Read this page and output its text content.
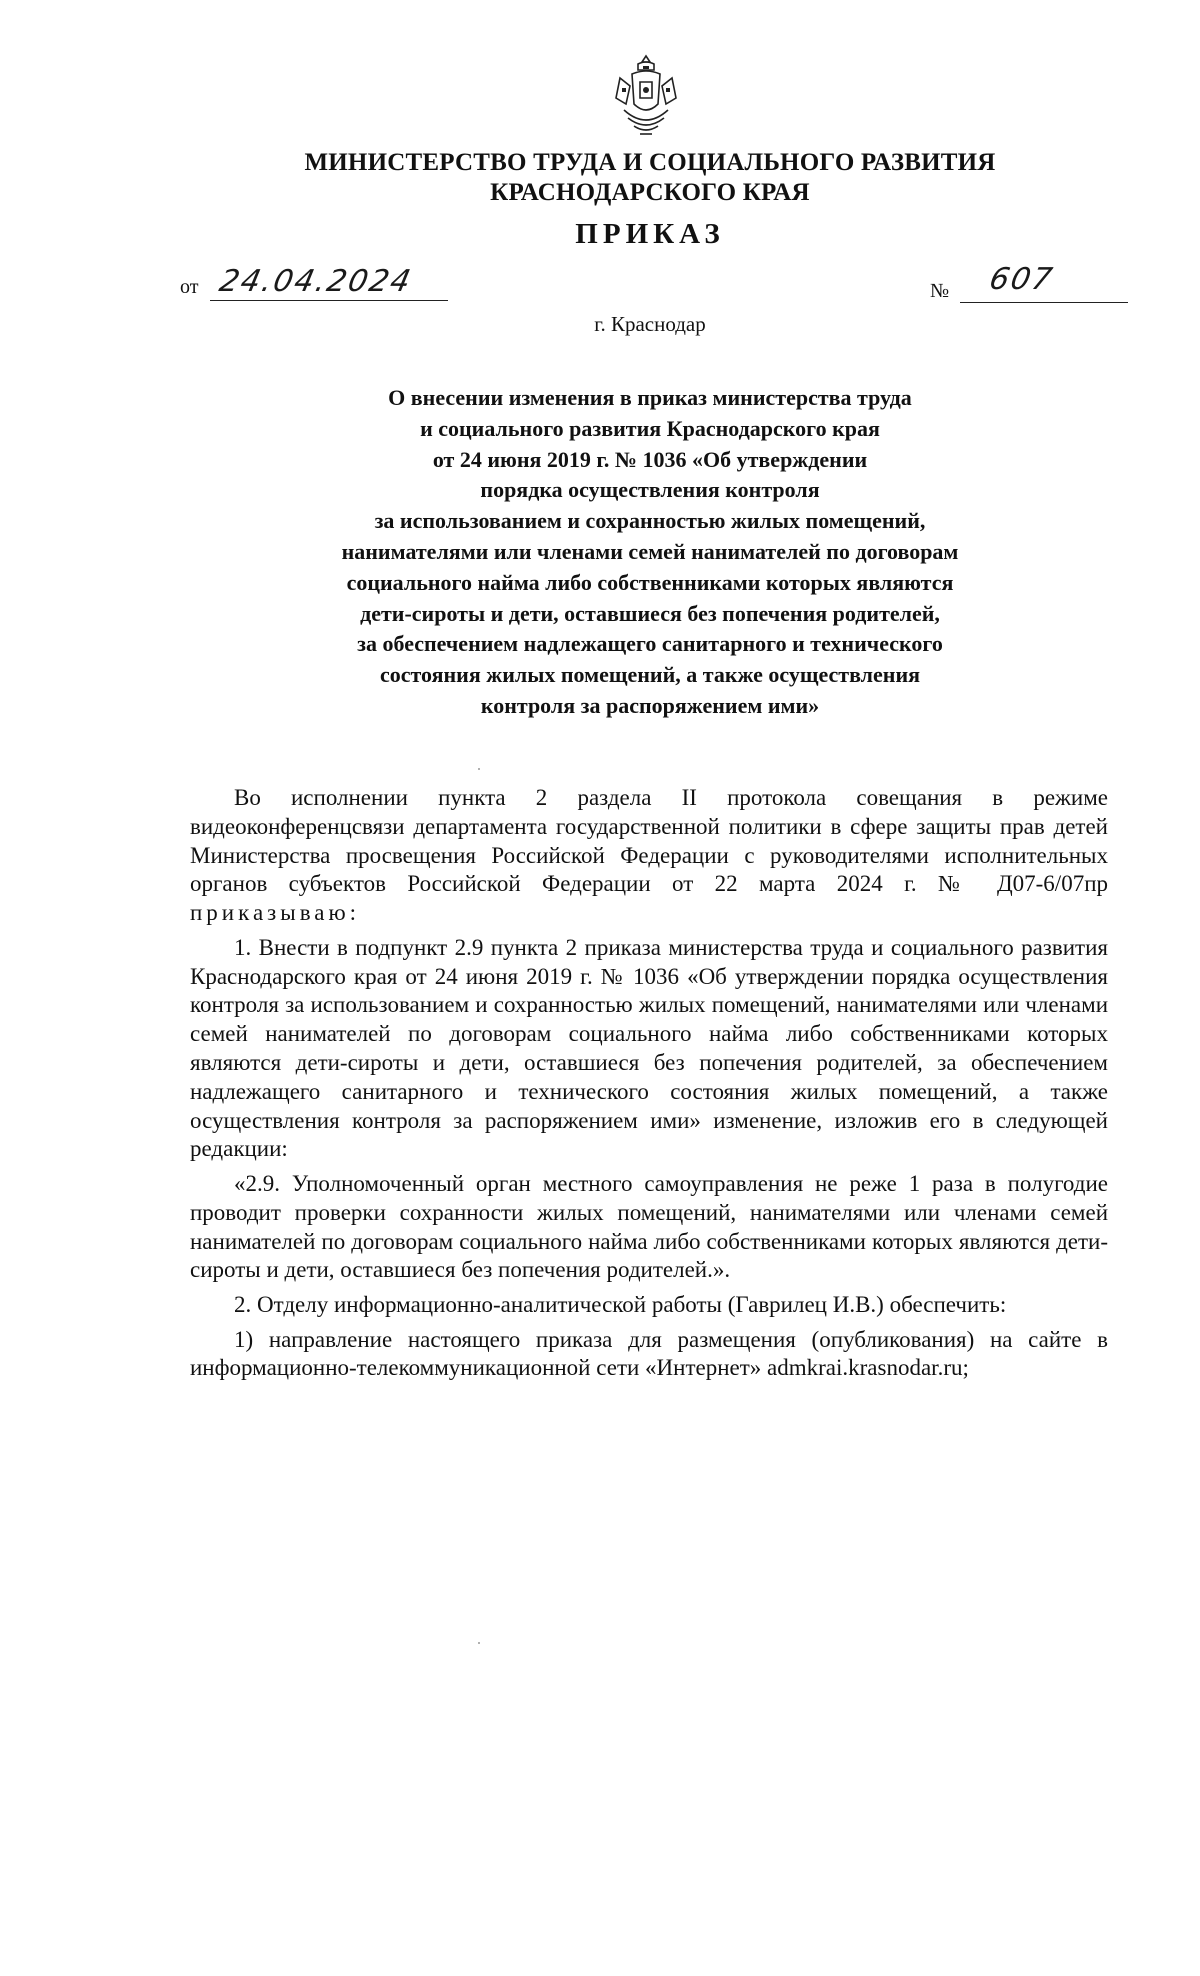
МИНИСТЕРСТВО ТРУДА И СОЦИАЛЬНОГО РАЗВИТИЯ
КРАСНОДАРСКОГО КРАЯ
ПРИКАЗ
от 24.04.2024	№ 607
г. Краснодар
О внесении изменения в приказ министерства труда
и социального развития Краснодарского края
от 24 июня 2019 г. № 1036 «Об утверждении
порядка осуществления контроля
за использованием и сохранностью жилых помещений,
нанимателями или членами семей нанимателей по договорам
социального найма либо собственниками которых являются
дети-сироты и дети, оставшиеся без попечения родителей,
за обеспечением надлежащего санитарного и технического
состояния жилых помещений, а также осуществления
контроля за распоряжением ими»

Во исполнении пункта 2 раздела II протокола совещания в режиме видеоконференцсвязи департамента государственной политики в сфере защиты прав детей Министерства просвещения Российской Федерации с руководителями исполнительных органов субъектов Российской Федерации от 22 марта 2024 г. № Д07-6/07пр приказываю:

1. Внести в подпункт 2.9 пункта 2 приказа министерства труда и социального развития Краснодарского края от 24 июня 2019 г. № 1036 «Об утверждении порядка осуществления контроля за использованием и сохранностью жилых помещений, нанимателями или членами семей нанимателей по договорам социального найма либо собственниками которых являются дети-сироты и дети, оставшиеся без попечения родителей, за обеспечением надлежащего санитарного и технического состояния жилых помещений, а также осуществления контроля за распоряжением ими» изменение, изложив его в следующей редакции:

«2.9. Уполномоченный орган местного самоуправления не реже 1 раза в полугодие проводит проверки сохранности жилых помещений, нанимателями или членами семей нанимателей по договорам социального найма либо собственниками которых являются дети-сироты и дети, оставшиеся без попечения родителей.».

2. Отделу информационно-аналитической работы (Гаврилец И.В.) обеспечить:

1) направление настоящего приказа для размещения (опубликования) на сайте в информационно-телекоммуникационной сети «Интернет» admkrai.krasnodar.ru;
